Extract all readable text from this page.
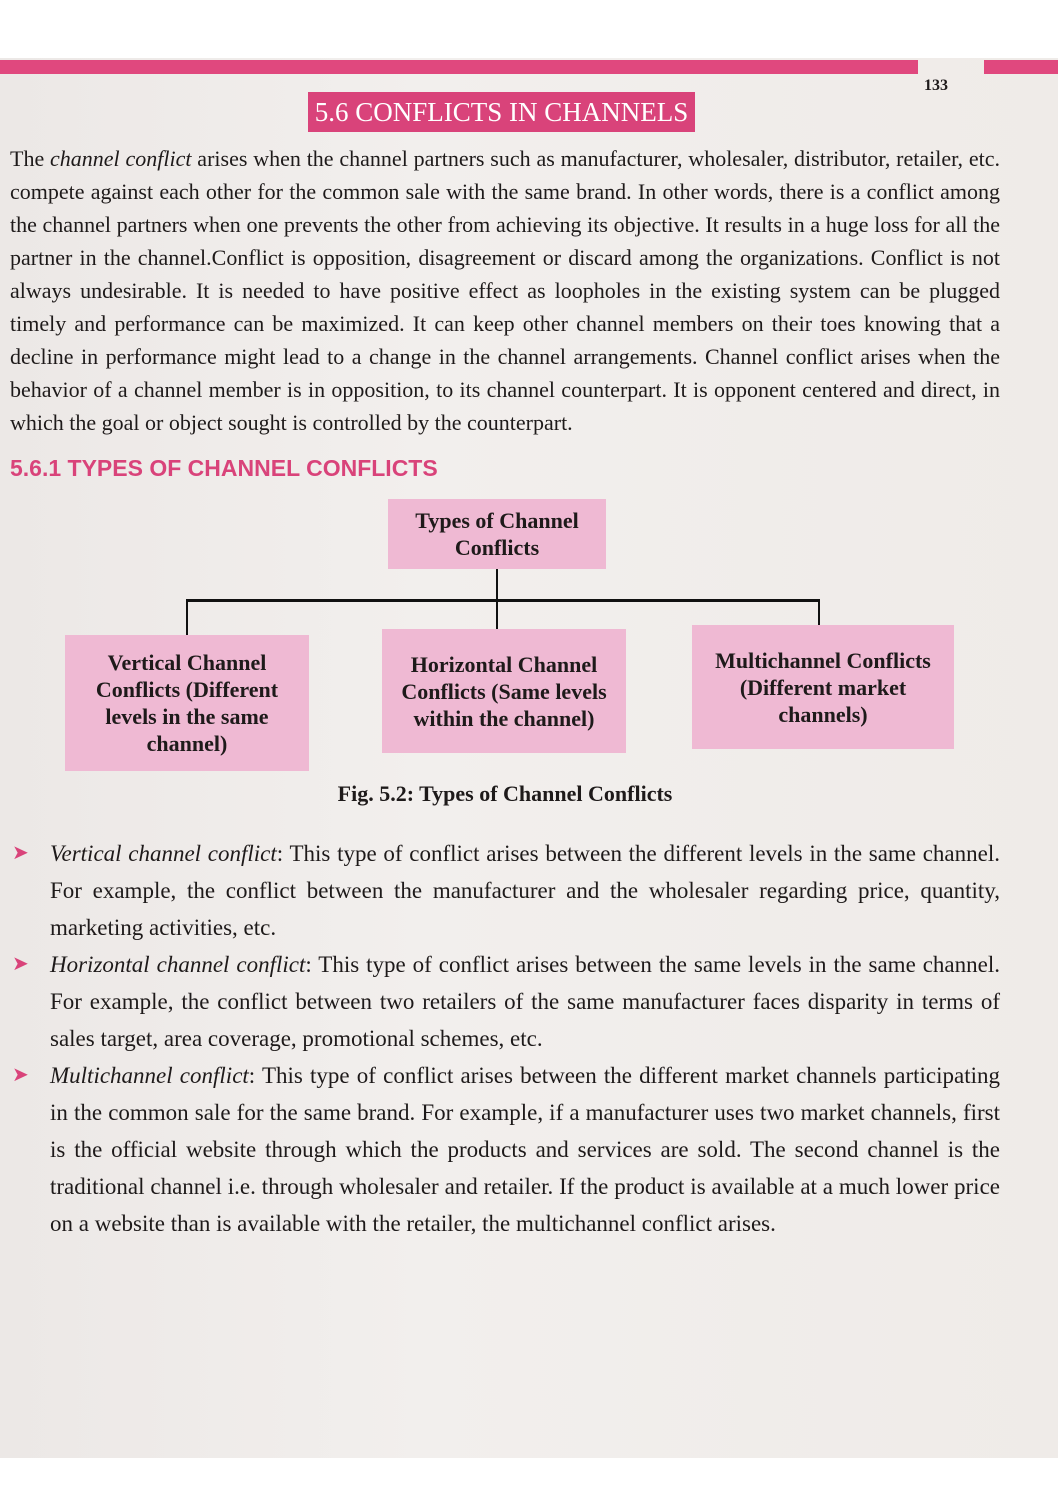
133
5.6 CONFLICTS IN CHANNELS

The channel conflict arises when the channel partners such as manufacturer, wholesaler, distributor, retailer, etc. compete against each other for the common sale with the same brand. In other words, there is a conflict among the channel partners when one prevents the other from achieving its objective. It results in a huge loss for all the partner in the channel.Conflict is opposition, disagreement or discard among the organizations. Conflict is not always undesirable. It is needed to have positive effect as loopholes in the existing system can be plugged timely and performance can be maximized. It can keep other channel members on their toes knowing that a decline in performance might lead to a change in the channel arrangements. Channel conflict arises when the behavior of a channel member is in opposition, to its channel counterpart. It is opponent centered and direct, in which the goal or object sought is controlled by the counterpart.

5.6.1 TYPES OF CHANNEL CONFLICTS
Types of Channel Conflicts
Vertical Channel Conflicts (Different levels in the same channel)
Horizontal Channel Conflicts (Same levels within the channel)
Multichannel Conflicts (Different market channels)
Fig. 5.2: Types of Channel Conflicts
➤ Vertical channel conflict: This type of conflict arises between the different levels in the same channel. For example, the conflict between the manufacturer and the wholesaler regarding price, quantity, marketing activities, etc.
➤ Horizontal channel conflict: This type of conflict arises between the same levels in the same channel. For example, the conflict between two retailers of the same manufacturer faces disparity in terms of sales target, area coverage, promotional schemes, etc.
➤ Multichannel conflict: This type of conflict arises between the different market channels participating in the common sale for the same brand. For example, if a manufacturer uses two market channels, first is the official website through which the products and services are sold. The second channel is the traditional channel i.e. through wholesaler and retailer. If the product is available at a much lower price on a website than is available with the retailer, the multichannel conflict arises.
